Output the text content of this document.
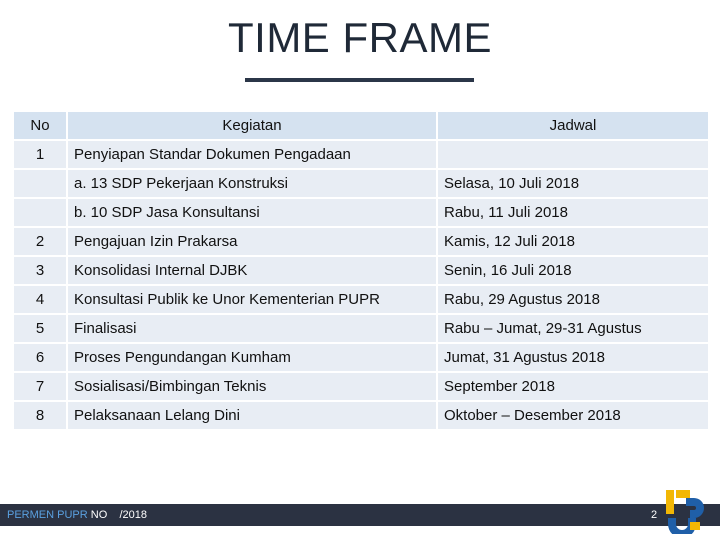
TIME FRAME
No	Kegiatan	Jadwal
1	Penyiapan Standar Dokumen Pengadaan	
	a. 13 SDP Pekerjaan Konstruksi	Selasa, 10 Juli 2018
	b. 10 SDP Jasa Konsultansi	Rabu, 11 Juli 2018
2	Pengajuan Izin Prakarsa	Kamis, 12 Juli 2018
3	Konsolidasi Internal DJBK	Senin, 16 Juli 2018
4	Konsultasi Publik ke Unor Kementerian PUPR	Rabu, 29 Agustus 2018
5	Finalisasi	Rabu – Jumat, 29-31 Agustus
6	Proses Pengundangan Kumham	Jumat, 31 Agustus 2018
7	Sosialisasi/Bimbingan Teknis	September 2018
8	Pelaksanaan Lelang Dini	Oktober – Desember 2018
PERMEN PUPR NO /2018	2
